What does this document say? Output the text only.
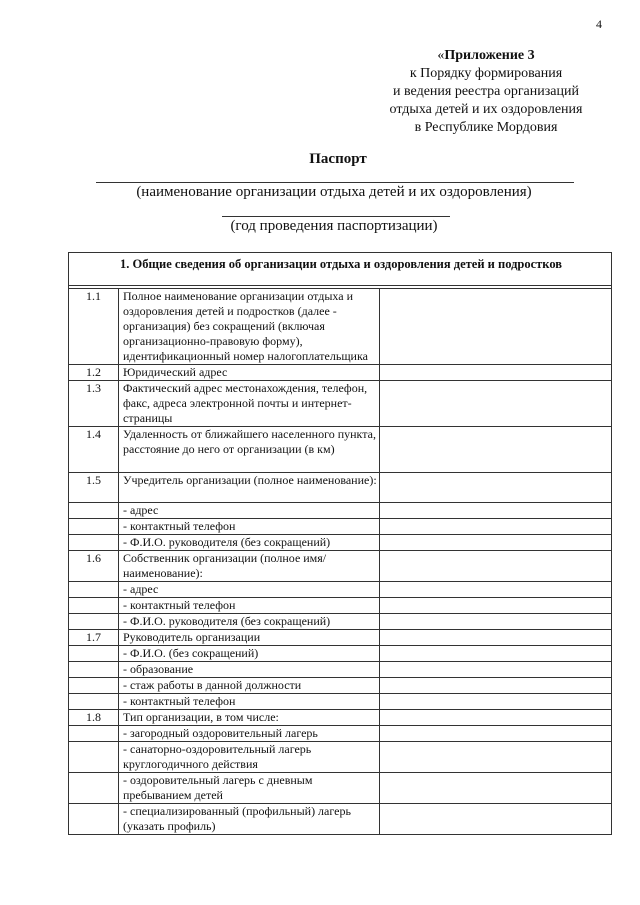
4
«Приложение 3
к Порядку формирования
и ведения реестра организаций
отдыха детей и их оздоровления
в Республике Мордовия
Паспорт
(наименование организации отдыха детей и их оздоровления)
(год проведения паспортизации)
1. Общие сведения об организации отдыха и оздоровления детей и подростков		

1.1	Полное наименование организации отдыха и оздоровления детей и подростков (далее - организация) без сокращений (включая организационно-правовую форму), идентификационный номер налогоплательщика	
1.2	Юридический адрес	
1.3	Фактический адрес местонахождения, телефон, факс, адреса электронной почты и интернет-страницы	
1.4	Удаленность от ближайшего населенного пункта, расстояние до него от организации (в км)	
1.5	Учредитель организации (полное наименование):	
	- адрес	
	- контактный телефон	
	- Ф.И.О. руководителя (без сокращений)	
1.6	Собственник организации (полное имя/наименование):	
	- адрес	
	- контактный телефон	
	- Ф.И.О. руководителя (без сокращений)	
1.7	Руководитель организации	
	- Ф.И.О. (без сокращений)	
	- образование	
	- стаж работы в данной должности	
	- контактный телефон	
1.8	Тип организации, в том числе:	
	- загородный оздоровительный лагерь	
	- санаторно-оздоровительный лагерь круглогодичного действия	
	- оздоровительный лагерь с дневным пребыванием детей	
	- специализированный (профильный) лагерь (указать профиль)	
